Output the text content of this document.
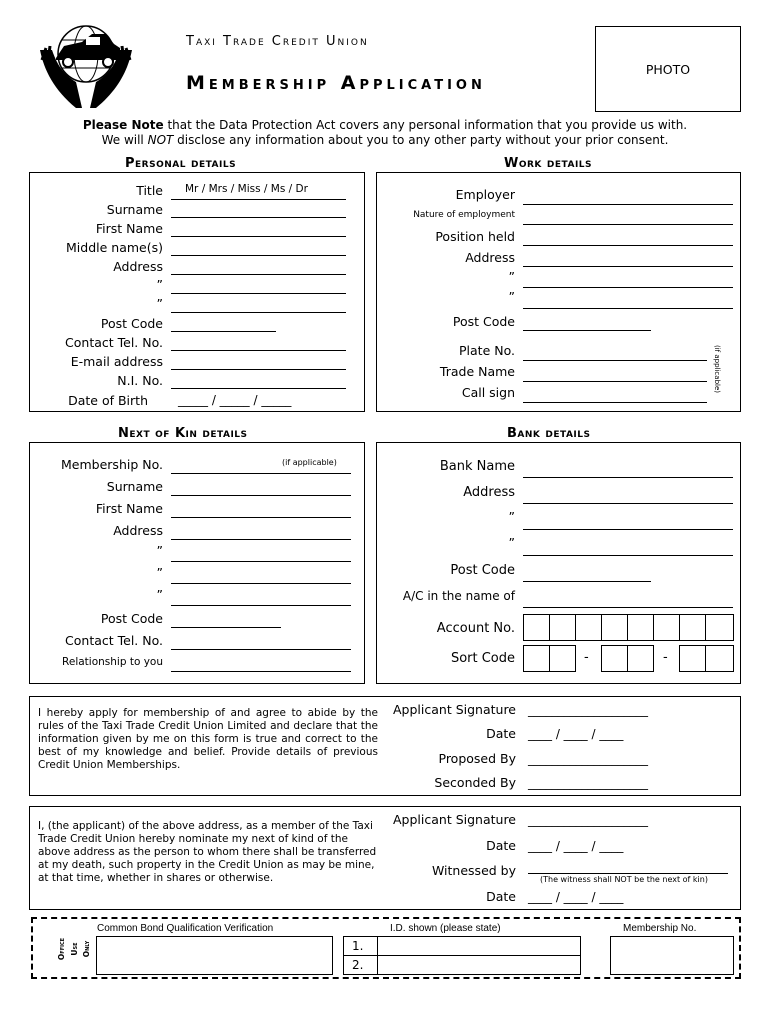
Taxi Trade Credit Union
Membership Application
PHOTO
Please Note that the Data Protection Act covers any personal information that you provide us with.
We will NOT disclose any information about you to any other party without your prior consent.
Personal details
Title Mr / Mrs / Miss / Ms / Dr
Surname
First Name
Middle name(s)
Address
”
”
Post Code
Contact Tel. No.
E-mail address
N.I. No.
Date of Birth	_____ / _____ / _____
Work details
Employer
Nature of employment
Position held
Address
”
”
Post Code
Plate No.
Trade Name
Call sign	(if applicable)
Next of Kin details
Membership No.	(if applicable)
Surname
First Name
Address
”
”
”
Post Code
Contact Tel. No.
Relationship to you
Bank details
Bank Name
Address
”
”
Post Code
A/C in the name of
Account No.
Sort Code	-	-
I hereby apply for membership of and agree to abide by the rules of the Taxi Trade Credit Union Limited and declare that the information given by me on this form is true and correct to the best of my knowledge and belief. Provide details of previous Credit Union Memberships.
Applicant Signature ____________________
Date ____ / ____ / ____
Proposed By ____________________
Seconded By ____________________
I, (the applicant) of the above address, as a member of the Taxi Trade Credit Union hereby nominate my next of kind of the above address as the person to whom there shall be transferred at my death, such property in the Credit Union as may be mine, at that time, whether in shares or otherwise.
Applicant Signature ____________________
Date ____ / ____ / ____
Witnessed by
(The witness shall NOT be the next of kin)
Date ____ / ____ / ____
Office Use Only
Common Bond Qualification Verification	I.D. shown (please state)
1.
2.
Membership No.
